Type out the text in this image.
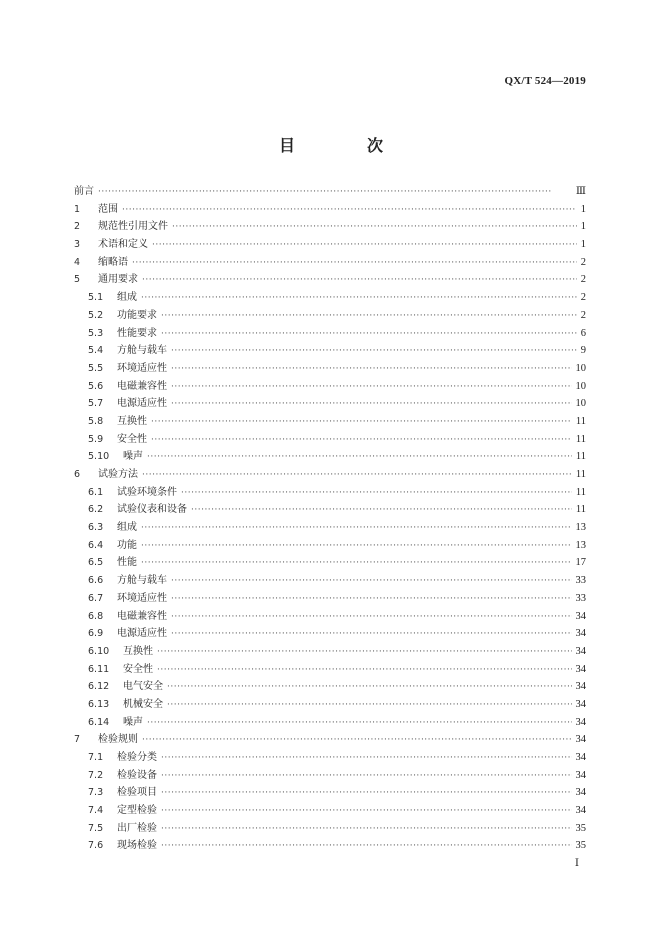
QX/T 524—2019
目　次
前言 ·····	Ⅲ
1	范围 ·····	1
2	规范性引用文件 ·····	1
3	术语和定义 ·····	1
4	缩略语 ·····	2
5	通用要求 ·····	2
5.1	组成 ·····	2
5.2	功能要求 ·····	2
5.3	性能要求 ·····	6
5.4	方舱与载车 ·····	9
5.5	环境适应性 ·····	10
5.6	电磁兼容性 ·····	10
5.7	电源适应性 ·····	10
5.8	互换性 ·····	11
5.9	安全性 ·····	11
5.10	噪声 ·····	11
6	试验方法 ·····	11
6.1	试验环境条件 ·····	11
6.2	试验仪表和设备 ·····	11
6.3	组成 ·····	13
6.4	功能 ·····	13
6.5	性能 ·····	17
6.6	方舱与载车 ·····	33
6.7	环境适应性 ·····	33
6.8	电磁兼容性 ·····	34
6.9	电源适应性 ·····	34
6.10	互换性 ·····	34
6.11	安全性 ·····	34
6.12	电气安全 ·····	34
6.13	机械安全 ·····	34
6.14	噪声 ·····	34
7	检验规则 ·····	34
7.1	检验分类 ·····	34
7.2	检验设备 ·····	34
7.3	检验项目 ·····	34
7.4	定型检验 ·····	34
7.5	出厂检验 ·····	35
7.6	现场检验 ·····	35
Ⅰ
